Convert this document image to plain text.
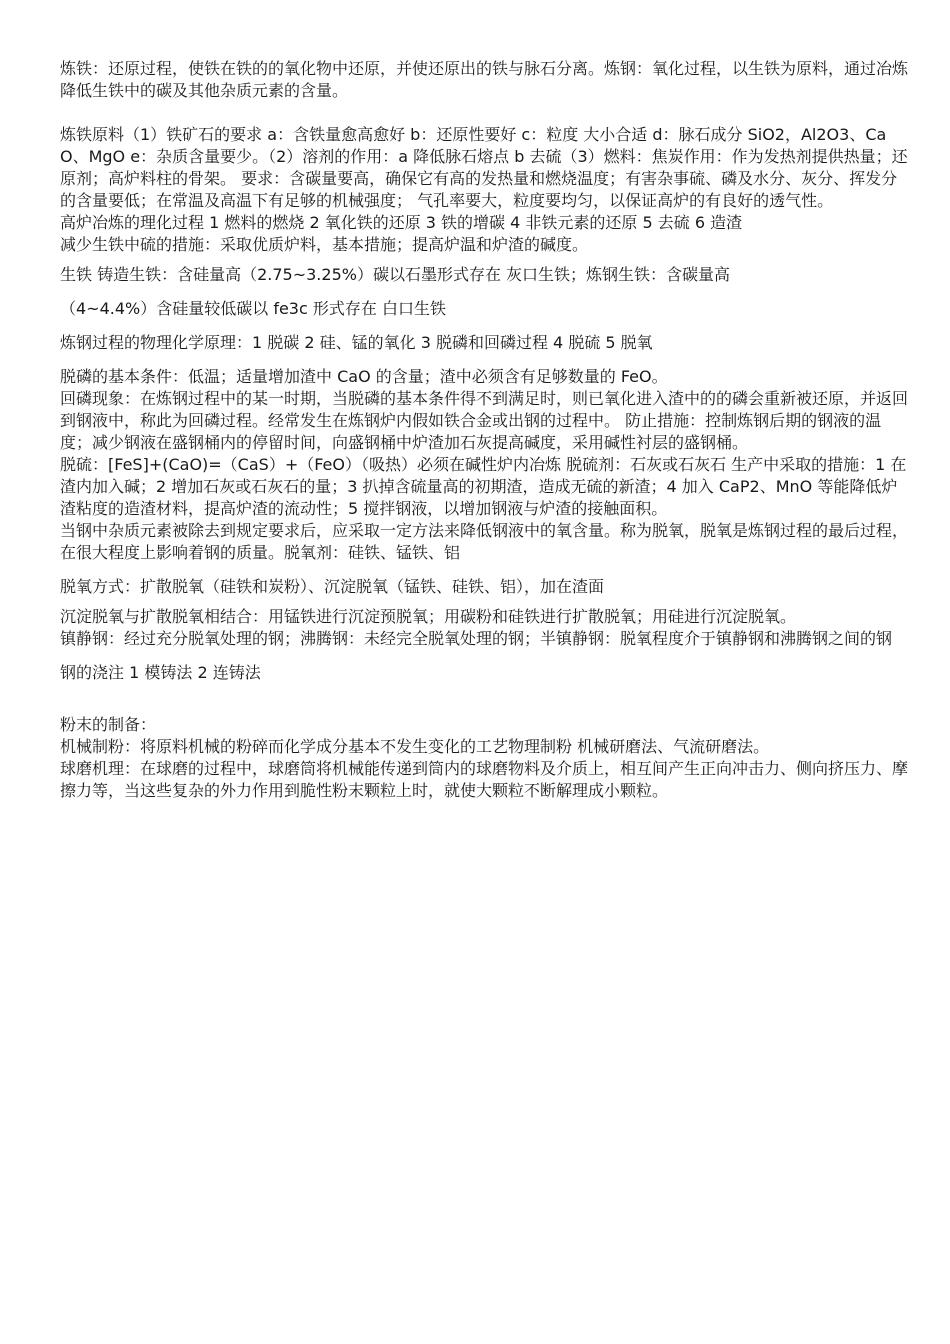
炼铁：还原过程，使铁在铁的的氧化物中还原，并使还原出的铁与脉石分离。炼钢：氧化过程，以生铁为原料，通过冶炼降低生铁中的碳及其他杂质元素的含量。

炼铁原料（1）铁矿石的要求 a：含铁量愈高愈好 b：还原性要好 c：粒度 大小合适 d：脉石成分 SiO2，Al2O3、CaO、MgO e：杂质含量要少。（2）溶剂的作用：a 降低脉石熔点 b 去硫（3）燃料：焦炭作用：作为发热剂提供热量；还原剂；高炉料柱的骨架。 要求：含碳量要高，确保它有高的发热量和燃烧温度；有害杂事硫、磷及水分、灰分、挥发分的含量要低；在常温及高温下有足够的机械强度； 气孔率要大，粒度要均匀，以保证高炉的有良好的透气性。

高炉冶炼的理化过程 1 燃料的燃烧 2 氧化铁的还原 3 铁的增碳 4 非铁元素的还原 5 去硫 6 造渣

减少生铁中硫的措施：采取优质炉料，基本措施；提高炉温和炉渣的碱度。

生铁 铸造生铁：含硅量高（2.75~3.25%）碳以石墨形式存在 灰口生铁；炼钢生铁：含碳量高

（4~4.4%）含硅量较低碳以 fe3c 形式存在 白口生铁

炼钢过程的物理化学原理：1 脱碳 2 硅、锰的氧化 3 脱磷和回磷过程 4 脱硫 5 脱氧

脱磷的基本条件：低温；适量增加渣中 CaO 的含量；渣中必须含有足够数量的 FeO。

回磷现象：在炼钢过程中的某一时期，当脱磷的基本条件得不到满足时，则已氧化进入渣中的的磷会重新被还原，并返回到钢液中，称此为回磷过程。经常发生在炼钢炉内假如铁合金或出钢的过程中。 防止措施：控制炼钢后期的钢液的温度；减少钢液在盛钢桶内的停留时间，向盛钢桶中炉渣加石灰提高碱度，采用碱性衬层的盛钢桶。

脱硫：[FeS]+(CaO)=（CaS）+（FeO）（吸热）必须在碱性炉内冶炼 脱硫剂：石灰或石灰石 生产中采取的措施：1 在渣内加入碱；2 增加石灰或石灰石的量；3 扒掉含硫量高的初期渣，造成无硫的新渣；4 加入 CaP2、MnO 等能降低炉渣粘度的造渣材料，提高炉渣的流动性；5 搅拌钢液，以增加钢液与炉渣的接触面积。

当钢中杂质元素被除去到规定要求后，应采取一定方法来降低钢液中的氧含量。称为脱氧，脱氧是炼钢过程的最后过程，在很大程度上影响着钢的质量。脱氧剂：硅铁、锰铁、铝

脱氧方式：扩散脱氧（硅铁和炭粉）、沉淀脱氧（锰铁、硅铁、铝），加在渣面

沉淀脱氧与扩散脱氧相结合：用锰铁进行沉淀预脱氧；用碳粉和硅铁进行扩散脱氧；用硅进行沉淀脱氧。

镇静钢：经过充分脱氧处理的钢；沸腾钢：未经完全脱氧处理的钢；半镇静钢：脱氧程度介于镇静钢和沸腾钢之间的钢

钢的浇注 1 模铸法 2 连铸法

粉末的制备：

机械制粉：将原料机械的粉碎而化学成分基本不发生变化的工艺物理制粉 机械研磨法、气流研磨法。

球磨机理：在球磨的过程中，球磨筒将机械能传递到筒内的球磨物料及介质上，相互间产生正向冲击力、侧向挤压力、摩擦力等，当这些复杂的外力作用到脆性粉末颗粒上时，就使大颗粒不断解理成小颗粒。
